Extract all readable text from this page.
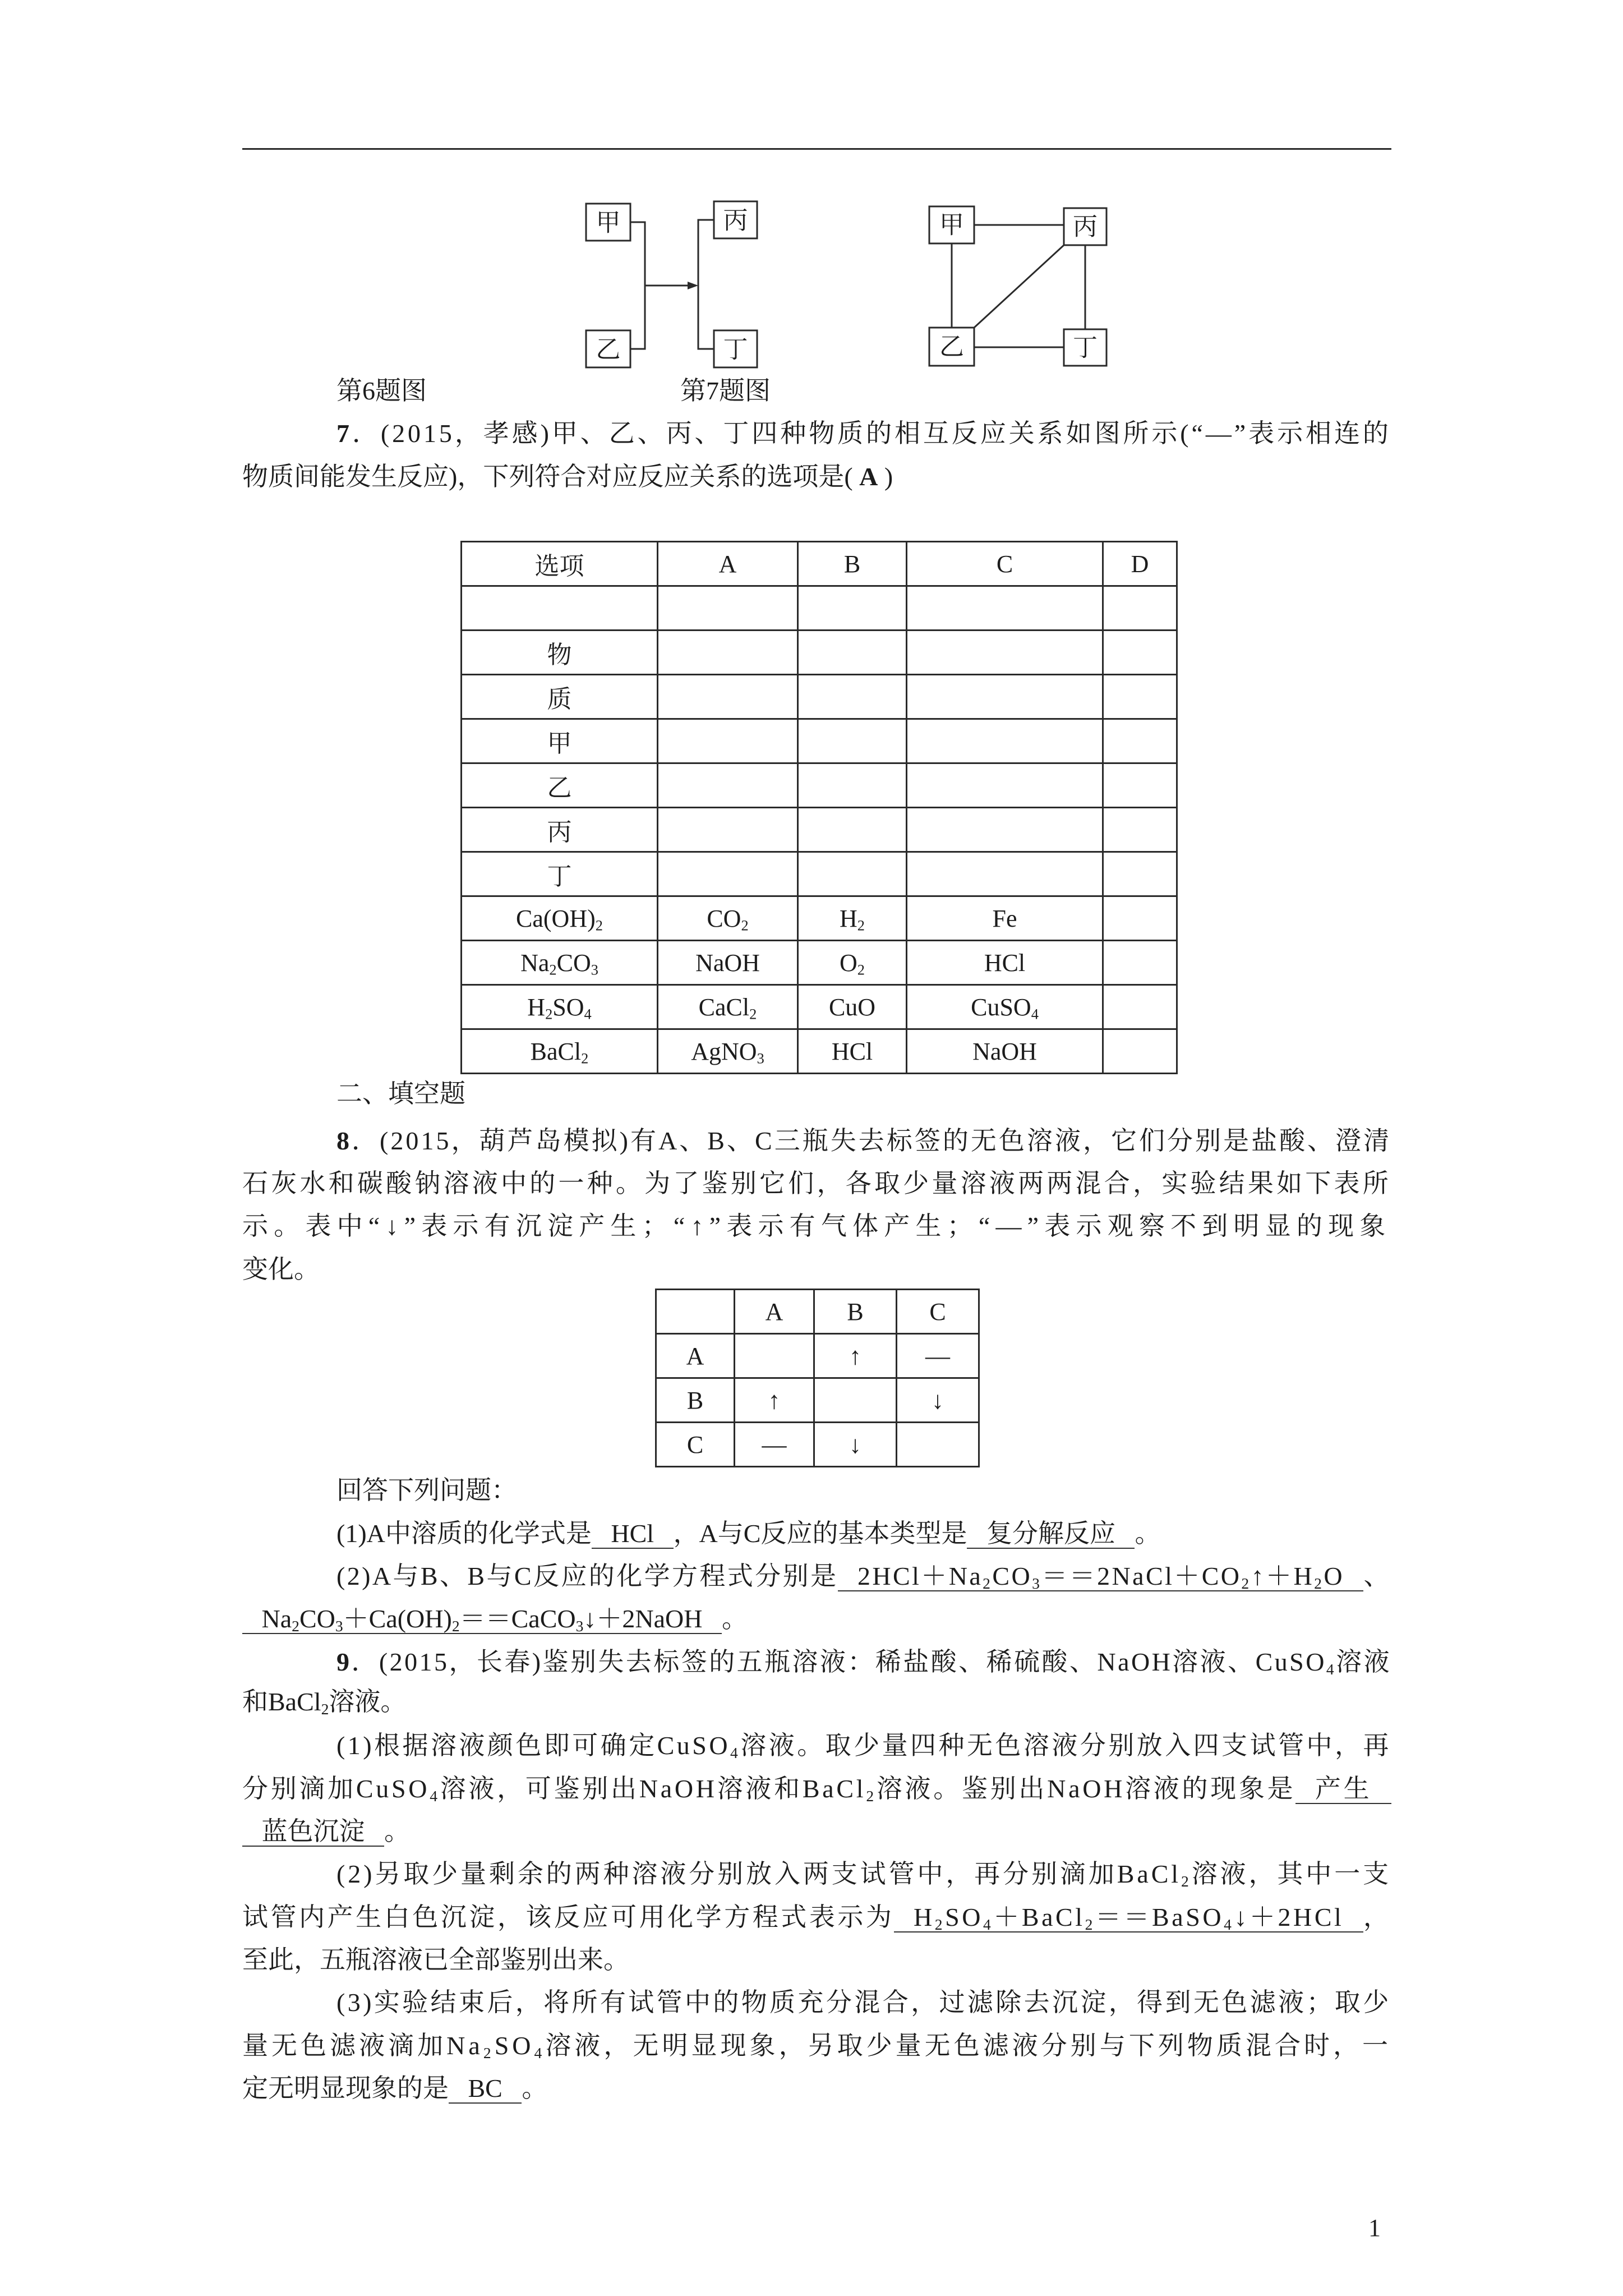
甲	丙
乙	丁
甲	丙
乙	丁
第6题图	第7题图
7．(2015，孝感)甲、乙、丙、丁四种物质的相互反应关系如图所示(“—”表示相连的
物质间能发生反应)，下列符合对应反应关系的选项是( A )
选项	A	B	C	D

物				
质				
甲				
乙				
丙				
丁				
$Ca(OH)_2$	$CO_2$	$H_2$	Fe	
$Na_2CO_3$	NaOH	$O_2$	HCl	
$H_2SO_4$	CaCl$_2$	CuO	CuSO$_4$	
BaCl$_2$	AgNO$_3$	HCl	NaOH	
二、填空题
8．(2015，葫芦岛模拟)有A、B、C三瓶失去标签的无色溶液，它们分别是盐酸、澄清
石灰水和碳酸钠溶液中的一种。为了鉴别它们，各取少量溶液两两混合，实验结果如下表所
示。表中“↓”表示有沉淀产生；“↑”表示有气体产生；“—”表示观察不到明显的现象
变化。
	A	B	C
A		↑	—
B	↑		↓
C	—	↓	
回答下列问题：
(1)A中溶质的化学式是 HCl ，A与C反应的基本类型是 复分解反应 。
(2)A与B、B与C反应的化学方程式分别是 $2HCl+Na_2CO_3==2NaCl+CO_2↑+H_2O$ 、
$Na_2CO_3+Ca(OH)_2==CaCO_3↓+2NaOH$ 。
9．(2015，长春)鉴别失去标签的五瓶溶液：稀盐酸、稀硫酸、NaOH溶液、CuSO$_4$溶液
和BaCl$_2$溶液。
(1)根据溶液颜色即可确定CuSO$_4$溶液。取少量四种无色溶液分别放入四支试管中，再
分别滴加CuSO$_4$溶液，可鉴别出NaOH溶液和BaCl$_2$溶液。鉴别出NaOH溶液的现象是 产生
蓝色沉淀 。
(2)另取少量剩余的两种溶液分别放入两支试管中，再分别滴加BaCl$_2$溶液，其中一支
试管内产生白色沉淀，该反应可用化学方程式表示为 $H_2SO_4+BaCl_2==BaSO_4↓+2HCl$ ，
至此，五瓶溶液已全部鉴别出来。
(3)实验结束后，将所有试管中的物质充分混合，过滤除去沉淀，得到无色滤液；取少
量无色滤液滴加$Na_2SO_4$溶液，无明显现象，另取少量无色滤液分别与下列物质混合时，一
定无明显现象的是 BC 。
1
